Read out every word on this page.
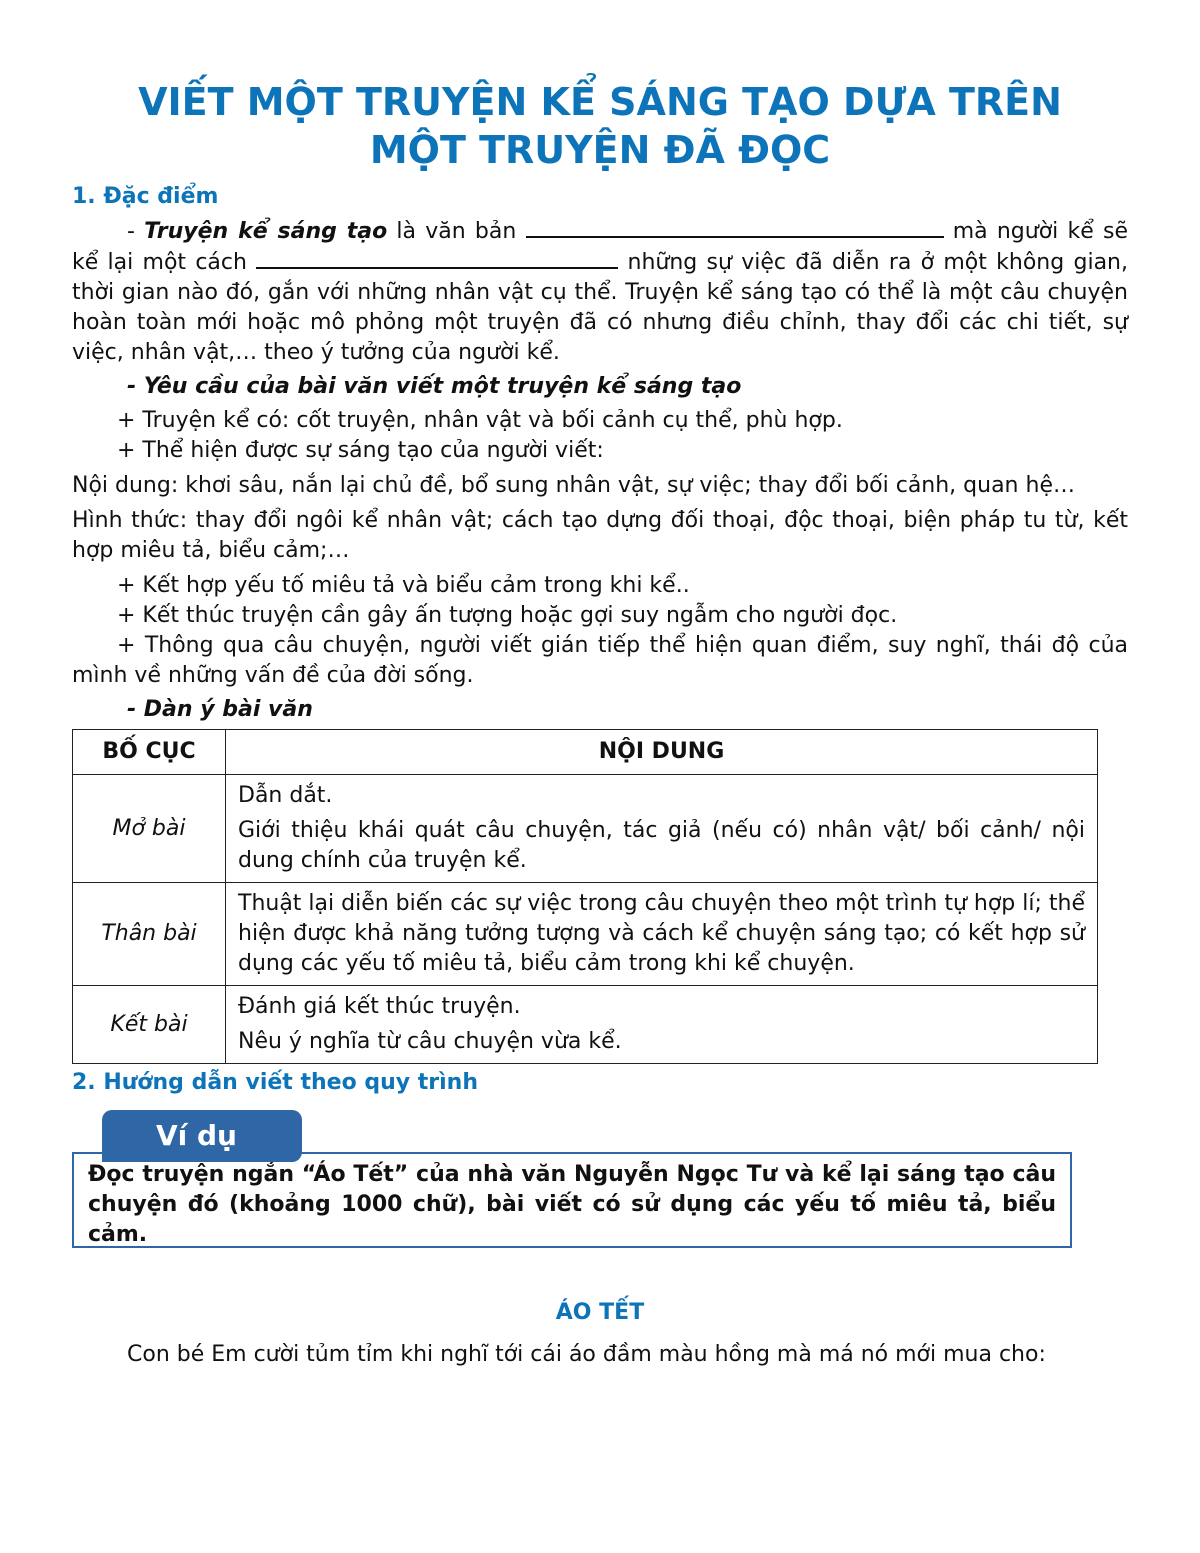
VIẾT MỘT TRUYỆN KỂ SÁNG TẠO DỰA TRÊN
MỘT TRUYỆN ĐÃ ĐỌC
1. Đặc điểm

- Truyện kể sáng tạo là văn bản	mà người kể sẽ kể lại một cách	những sự việc đã diễn ra ở một không gian, thời gian nào đó, gắn với những nhân vật cụ thể. Truyện kể sáng tạo có thể là một câu chuyện hoàn toàn mới hoặc mô phỏng một truyện đã có nhưng điều chỉnh, thay đổi các chi tiết, sự việc, nhân vật,… theo ý tưởng của người kể.

- Yêu cầu của bài văn viết một truyện kể sáng tạo
+ Truyện kể có: cốt truyện, nhân vật và bối cảnh cụ thể, phù hợp.
+ Thể hiện được sự sáng tạo của người viết:
Nội dung: khơi sâu, nắn lại chủ đề, bổ sung nhân vật, sự việc; thay đổi bối cảnh, quan hệ…
Hình thức: thay đổi ngôi kể nhân vật; cách tạo dựng đối thoại, độc thoại, biện pháp tu từ, kết hợp miêu tả, biểu cảm;…
+ Kết hợp yếu tố miêu tả và biểu cảm trong khi kể..
+ Kết thúc truyện cần gây ấn tượng hoặc gợi suy ngẫm cho người đọc.
+ Thông qua câu chuyện, người viết gián tiếp thể hiện quan điểm, suy nghĩ, thái độ của mình về những vấn đề của đời sống.
- Dàn ý bài văn
BỐ CỤC	NỘI DUNG
Mở bài	Dẫn dắt.

Giới thiệu khái quát câu chuyện, tác giả (nếu có) nhân vật/ bối cảnh/ nội dung chính của truyện kể.

Thân bài	Thuật lại diễn biến các sự việc trong câu chuyện theo một trình tự hợp lí; thể hiện được khả năng tưởng tượng và cách kể chuyện sáng tạo; có kết hợp sử dụng các yếu tố miêu tả, biểu cảm trong khi kể chuyện.

Kết bài	Đánh giá kết thúc truyện.

Nêu ý nghĩa từ câu chuyện vừa kể.

2. Hướng dẫn viết theo quy trình
Đọc truyện ngắn “Áo Tết” của nhà văn Nguyễn Ngọc Tư và kể lại sáng tạo câu chuyện đó (khoảng 1000 chữ), bài viết có sử dụng các yếu tố miêu tả, biểu cảm.
Ví dụ
ÁO TẾT

Con bé Em cười tủm tỉm khi nghĩ tới cái áo đầm màu hồng mà má nó mới mua cho:
